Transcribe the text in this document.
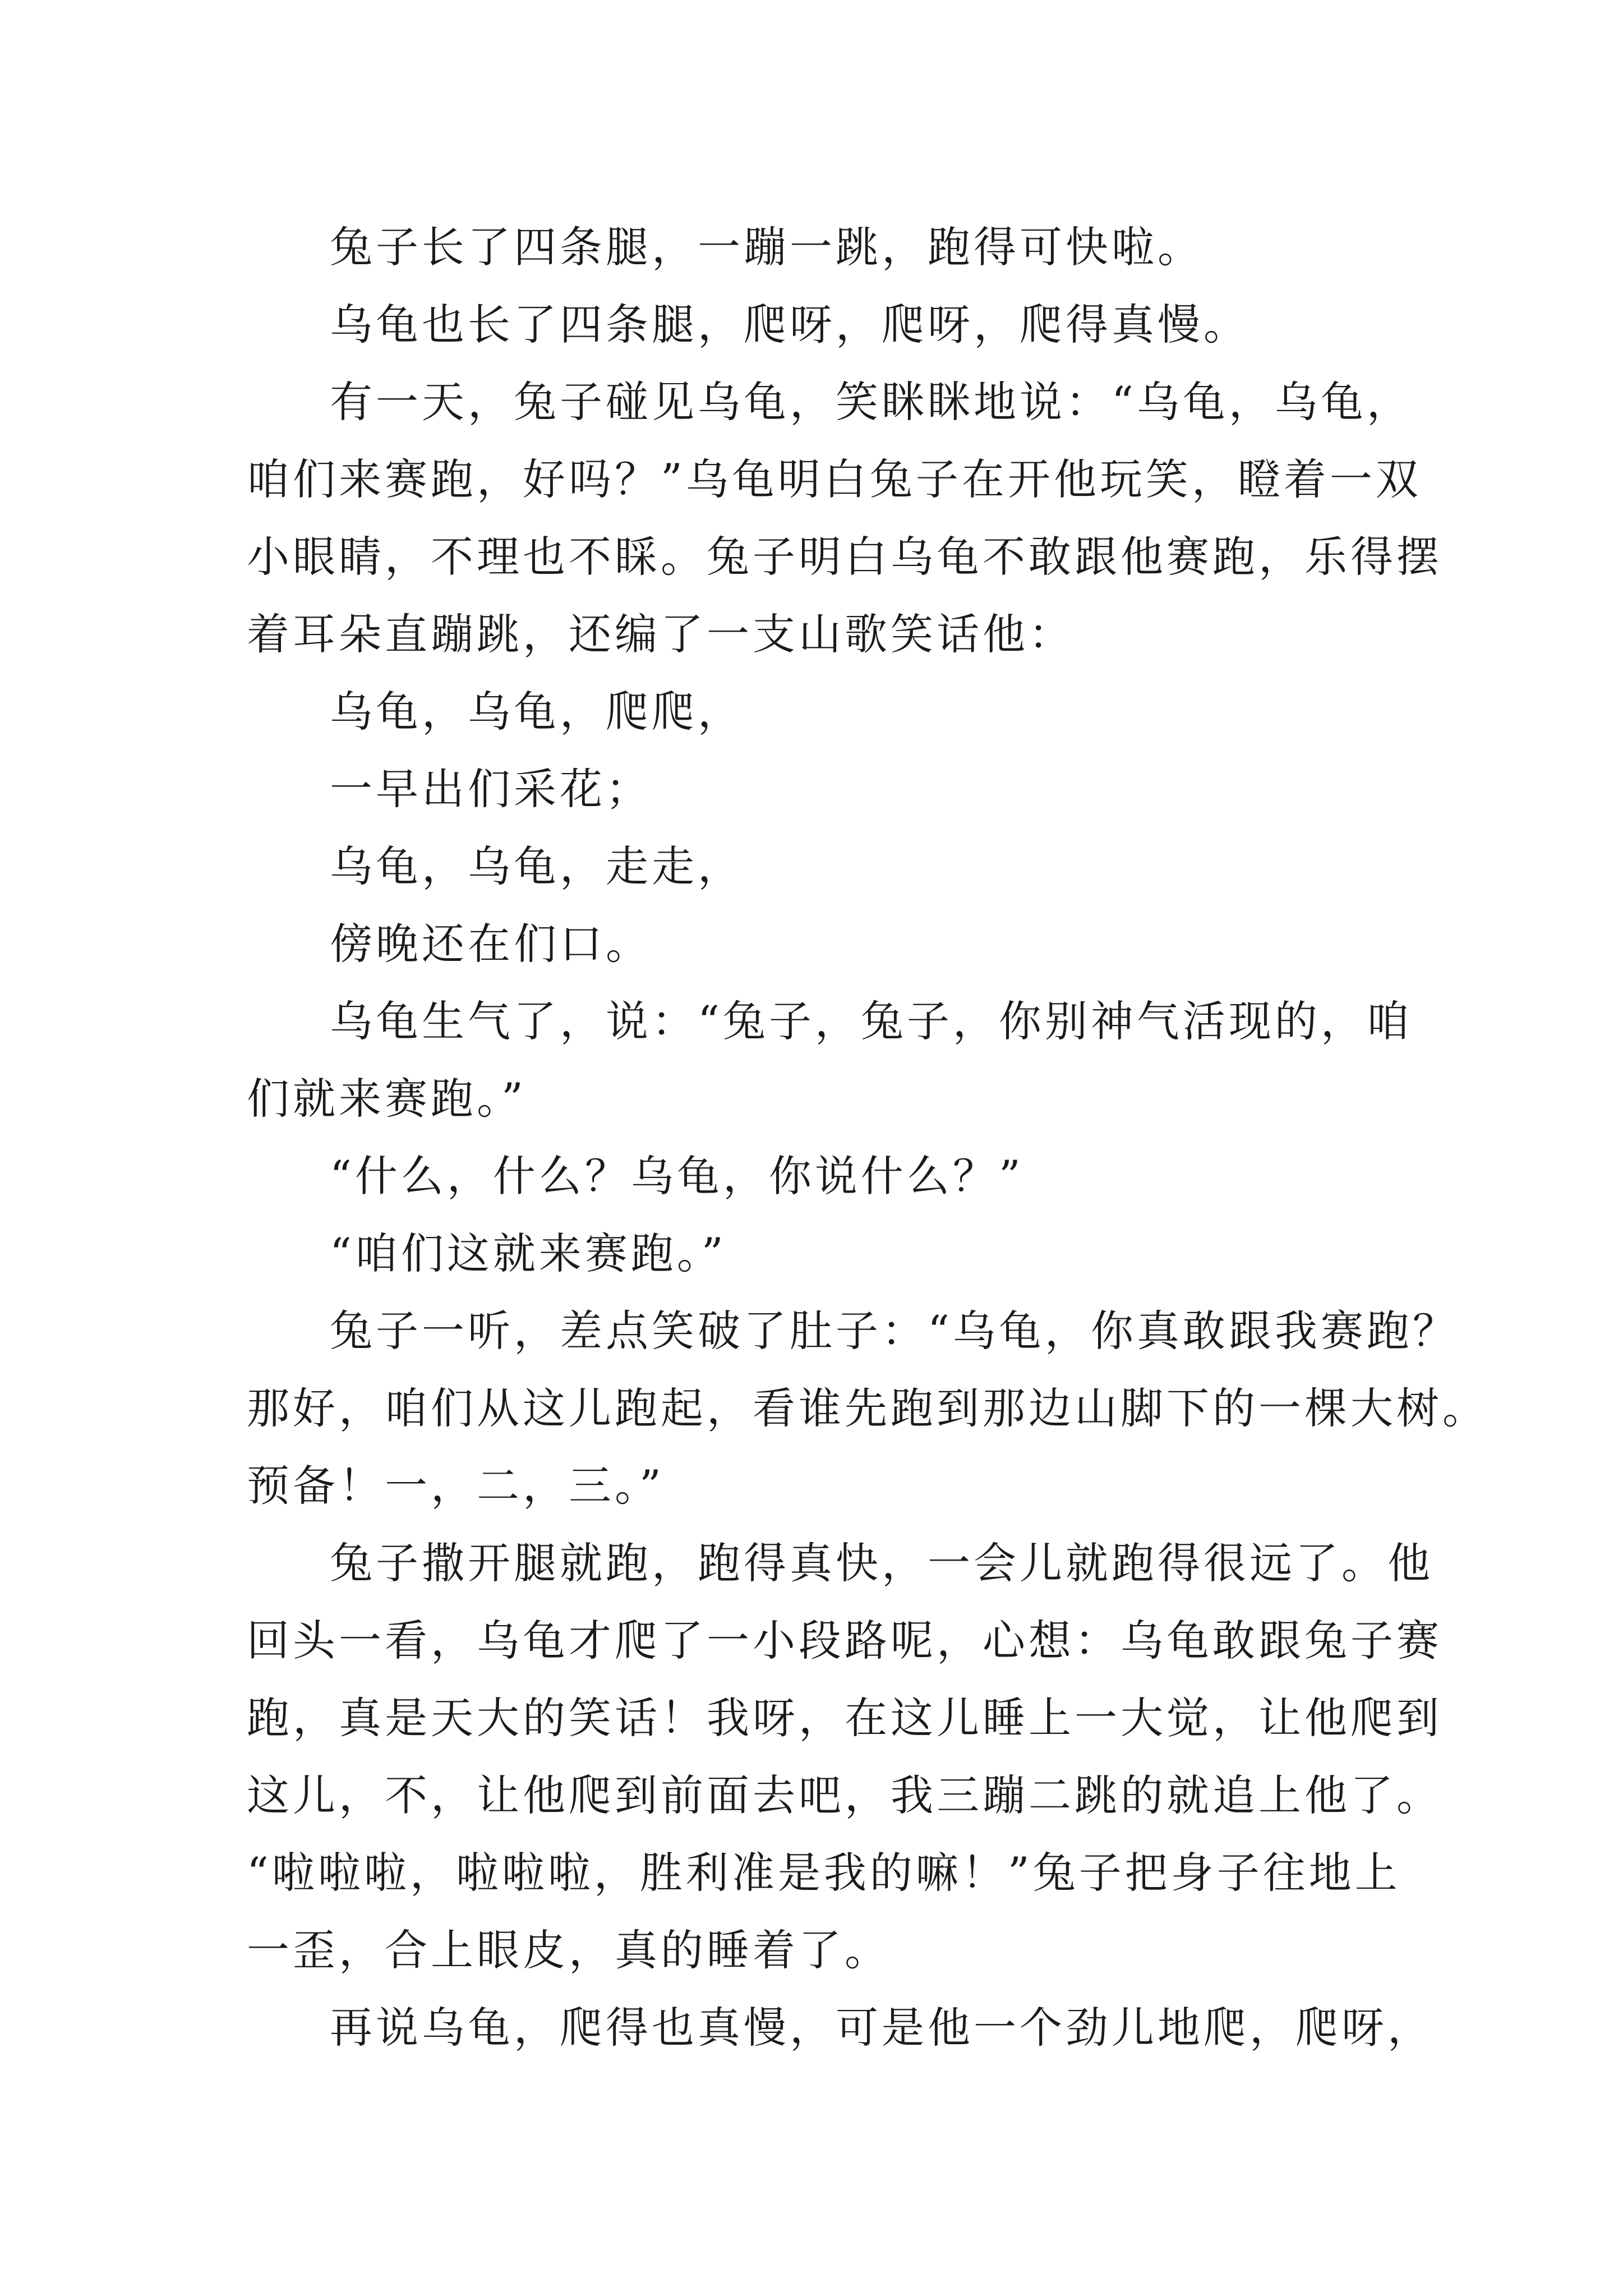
兔子长了四条腿，一蹦一跳，跑得可快啦。
乌龟也长了四条腿，爬呀，爬呀，爬得真慢。
有一天，兔子碰见乌龟，笑眯眯地说：“乌龟，乌龟，
咱们来赛跑，好吗？”乌龟明白兔子在开他玩笑，瞪着一双
小眼睛，不理也不睬。兔子明白乌龟不敢跟他赛跑，乐得摆
着耳朵直蹦跳，还编了一支山歌笑话他：
乌龟，乌龟，爬爬，
一早出们采花；
乌龟，乌龟，走走，
傍晚还在们口。
乌龟生气了，说：“兔子，兔子，你别神气活现的，咱
们就来赛跑。”
“什么，什么？乌龟，你说什么？”
“咱们这就来赛跑。”
兔子一听，差点笑破了肚子：“乌龟，你真敢跟我赛跑？
那好，咱们从这儿跑起，看谁先跑到那边山脚下的一棵大树。
预备！一，二，三。”
兔子撒开腿就跑，跑得真快，一会儿就跑得很远了。他
回头一看，乌龟才爬了一小段路呢，心想：乌龟敢跟兔子赛
跑，真是天大的笑话！我呀，在这儿睡上一大觉，让他爬到
这儿，不，让他爬到前面去吧，我三蹦二跳的就追上他了。
“啦啦啦，啦啦啦，胜利准是我的嘛！”兔子把身子往地上
一歪，合上眼皮，真的睡着了。
再说乌龟，爬得也真慢，可是他一个劲儿地爬，爬呀，
